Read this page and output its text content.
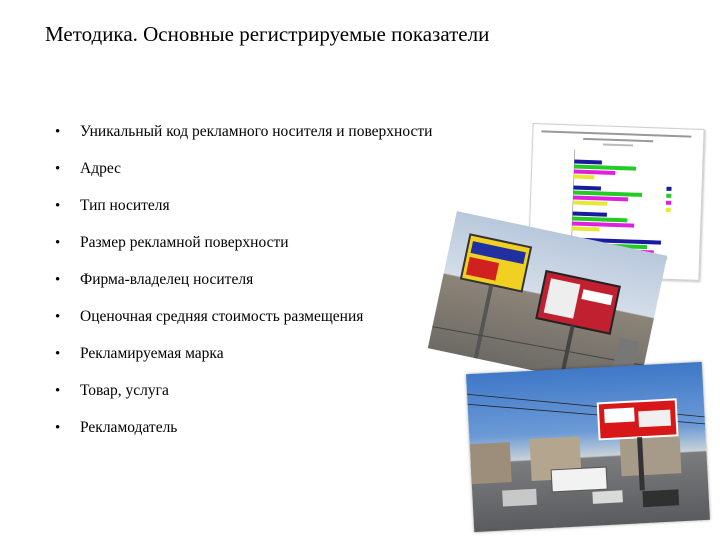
Методика. Основные регистрируемые показатели
• Уникальный код рекламного носителя и поверхности
• Адрес
• Тип носителя
• Размер рекламной поверхности
• Фирма-владелец носителя
• Оценочная средняя стоимость размещения
• Рекламируемая марка
• Товар, услуга
• Рекламодатель
